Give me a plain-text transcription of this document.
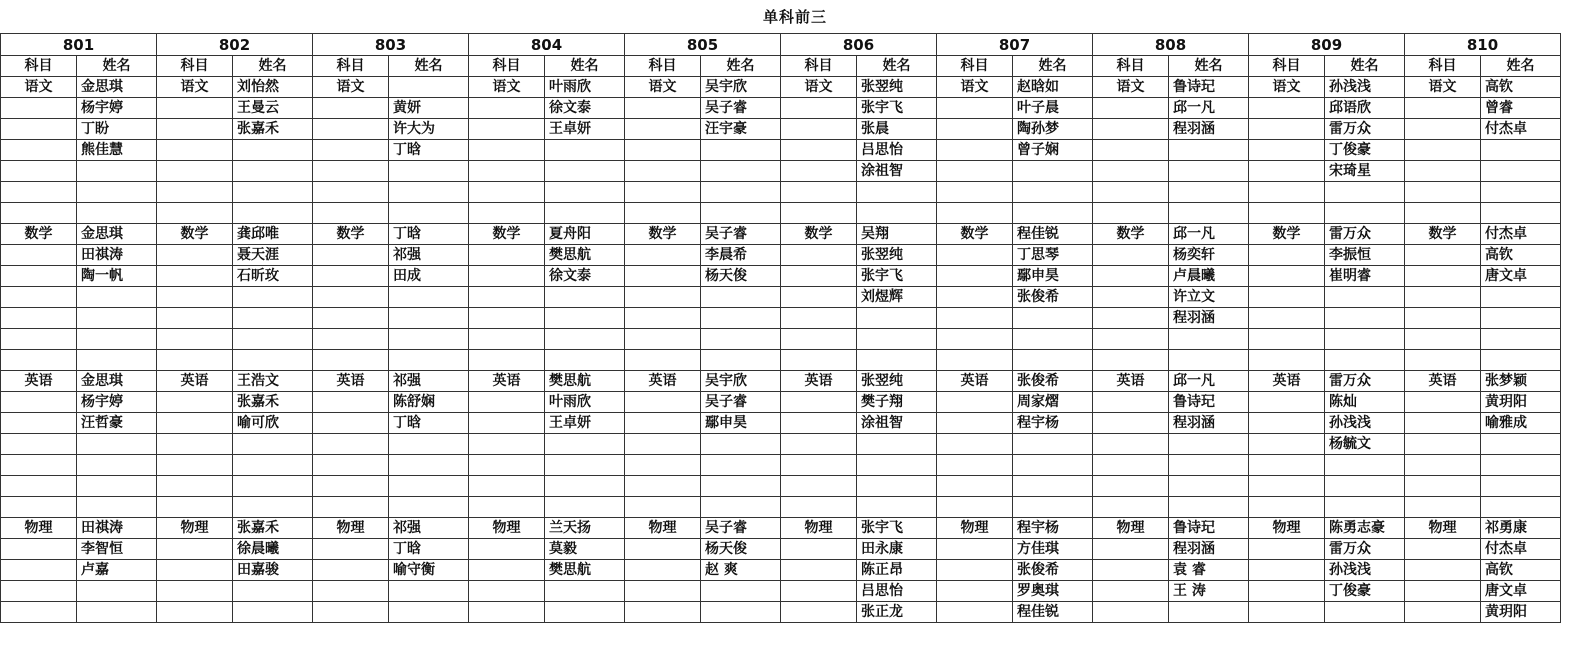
单科前三
801		802		803		804		805		806		807		808		809		810	
科目	姓名	科目	姓名	科目	姓名	科目	姓名	科目	姓名	科目	姓名	科目	姓名	科目	姓名	科目	姓名	科目	姓名
语文	金思琪	语文	刘怡然	语文		语文	叶雨欣	语文	吴宇欣	语文	张翌纯	语文	赵晗如	语文	鲁诗玘	语文	孙浅浅	语文	高钦
	杨宇婷		王曼云		黄妍		徐文泰		吴子睿		张宇飞		叶子晨		邱一凡		邱语欣		曾睿
	丁盼		张嘉禾		许大为		王卓妍		汪宇豪		张晨		陶孙梦		程羽涵		雷万众		付杰卓
	熊佳慧				丁晗						吕思怡		曾子娴				丁俊豪		
											涂祖智						宋琦星		

数学	金思琪	数学	龚邱唯	数学	丁晗	数学	夏舟阳	数学	吴子睿	数学	吴翔	数学	程佳锐	数学	邱一凡	数学	雷万众	数学	付杰卓
	田祺涛		聂天涯		祁强		樊思航		李晨希		张翌纯		丁思琴		杨奕轩		李振恒		高钦
	陶一帆		石昕玫		田成		徐文泰		杨天俊		张宇飞		鄢申昊		卢晨曦		崔明睿		唐文卓
											刘煜辉		张俊希		许立文				
															程羽涵				

英语	金思琪	英语	王浩文	英语	祁强	英语	樊思航	英语	吴宇欣	英语	张翌纯	英语	张俊希	英语	邱一凡	英语	雷万众	英语	张梦颖
	杨宇婷		张嘉禾		陈舒娴		叶雨欣		吴子睿		樊子翔		周家熠		鲁诗玘		陈灿		黄玥阳
	汪哲豪		喻可欣		丁晗		王卓妍		鄢申昊		涂祖智		程宇杨		程羽涵		孙浅浅		喻雅成
																	杨毓文		

物理	田祺涛	物理	张嘉禾	物理	祁强	物理	兰天扬	物理	吴子睿	物理	张宇飞	物理	程宇杨	物理	鲁诗玘	物理	陈勇志豪	物理	祁勇康
	李智恒		徐晨曦		丁晗		莫毅		杨天俊		田永康		方佳琪		程羽涵		雷万众		付杰卓
	卢嘉		田嘉骏		喻守衡		樊思航		赵 爽		陈正昂		张俊希		袁 睿		孙浅浅		高钦
											吕思怡		罗奥琪		王 涛		丁俊豪		唐文卓
											张正龙		程佳锐						黄玥阳
